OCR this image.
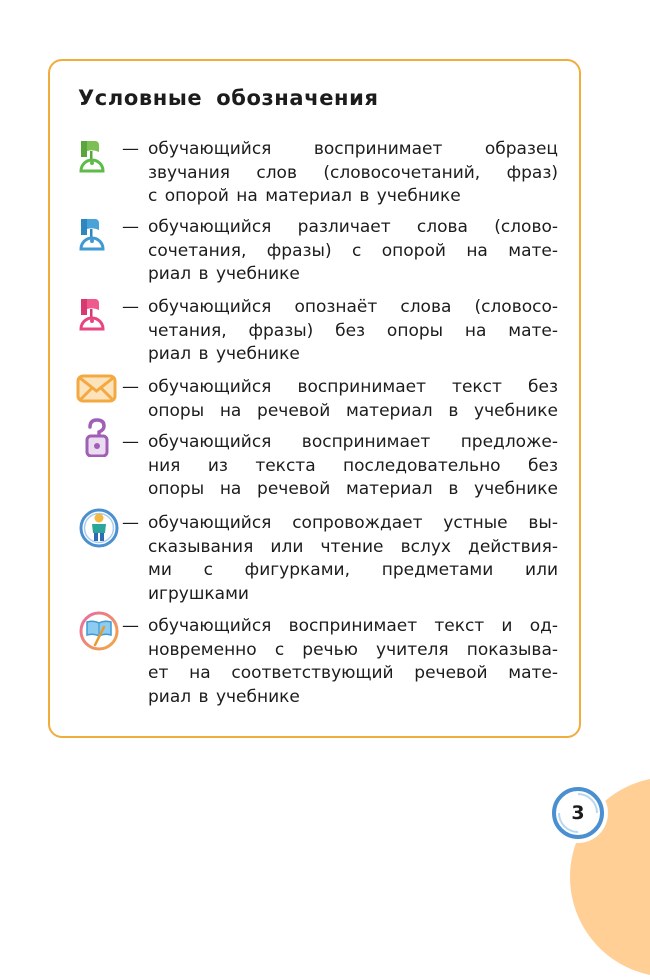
Условные обозначения
— обучающийся воспринимает образец
звучания слов (словосочетаний, фраз)
с опорой на материал в учебнике
— обучающийся различает слова (слово-
сочетания, фразы) с опорой на мате-
риал в учебнике
— обучающийся опознаёт слова (словосо-
четания, фразы) без опоры на мате-
риал в учебнике
— обучающийся воспринимает текст без
опоры на речевой материал в учебнике
— обучающийся воспринимает предложе-
ния из текста последовательно без
опоры на речевой материал в учебнике
— обучающийся сопровождает устные вы-
сказывания или чтение вслух действия-
ми с фигурками, предметами или
игрушками
— обучающийся воспринимает текст и од-
новременно с речью учителя показыва-
ет на соответствующий речевой мате-
риал в учебнике
3
